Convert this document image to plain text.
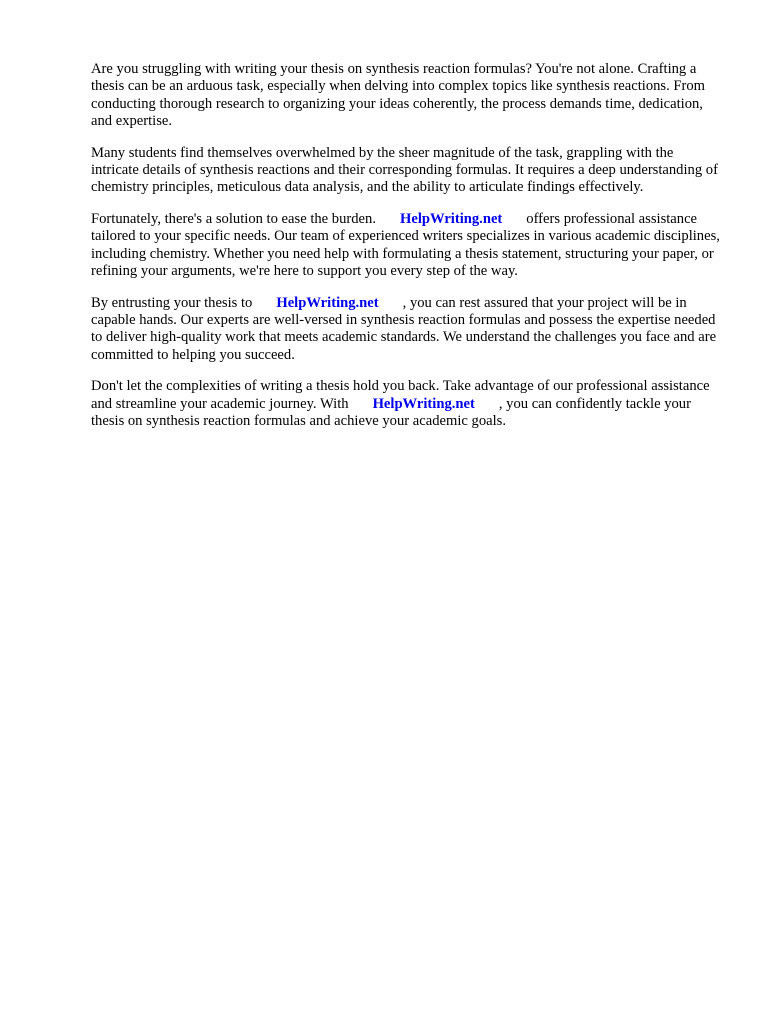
Are you struggling with writing your thesis on synthesis reaction formulas? You're not alone. Crafting a thesis can be an arduous task, especially when delving into complex topics like synthesis reactions. From conducting thorough research to organizing your ideas coherently, the process demands time, dedication, and expertise.

Many students find themselves overwhelmed by the sheer magnitude of the task, grappling with the intricate details of synthesis reactions and their corresponding formulas. It requires a deep understanding of chemistry principles, meticulous data analysis, and the ability to articulate findings effectively.

Fortunately, there's a solution to ease the burden. HelpWriting.net offers professional assistance tailored to your specific needs. Our team of experienced writers specializes in various academic disciplines, including chemistry. Whether you need help with formulating a thesis statement, structuring your paper, or refining your arguments, we're here to support you every step of the way.

By entrusting your thesis to HelpWriting.net , you can rest assured that your project will be in capable hands. Our experts are well-versed in synthesis reaction formulas and possess the expertise needed to deliver high-quality work that meets academic standards. We understand the challenges you face and are committed to helping you succeed.

Don't let the complexities of writing a thesis hold you back. Take advantage of our professional assistance and streamline your academic journey. With HelpWriting.net , you can confidently tackle your thesis on synthesis reaction formulas and achieve your academic goals.
